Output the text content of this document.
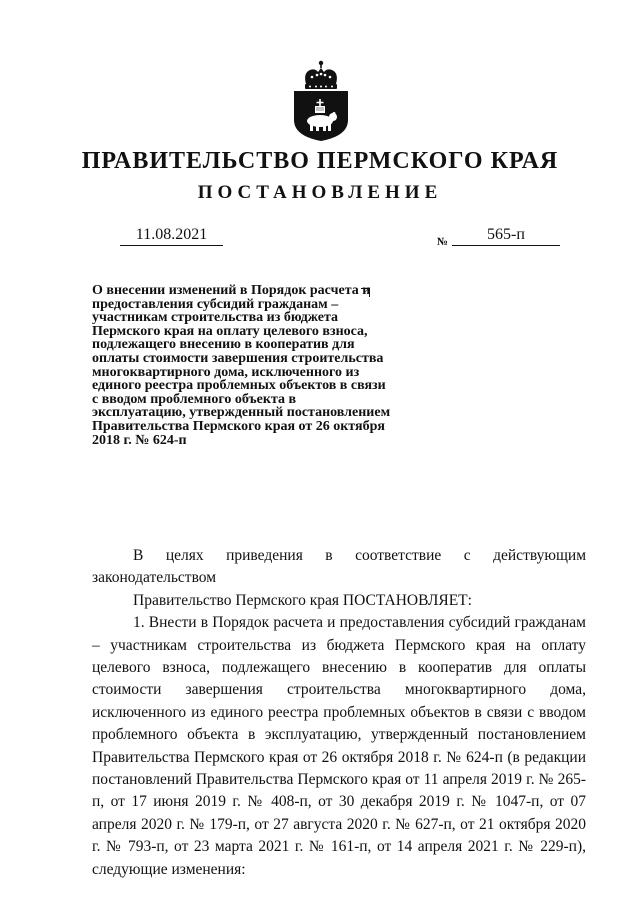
ПРАВИТЕЛЬСТВО ПЕРМСКОГО КРАЯ
ПОСТАНОВЛЕНИЕ
11.08.2021	№	565-п
О внесении изменений в Порядок расчета и предоставления субсидий гражданам – участникам строительства из бюджета Пермского края на оплату целевого взноса, подлежащего внесению в кооператив для оплаты стоимости завершения строительства многоквартирного дома, исключенного из единого реестра проблемных объектов в связи с вводом проблемного объекта в эксплуатацию, утвержденный постановлением Правительства Пермского края от 26 октября 2018 г. № 624-п

В целях приведения в соответствие с действующим законодательством

Правительство Пермского края ПОСТАНОВЛЯЕТ:

1. Внести в Порядок расчета и предоставления субсидий гражданам – участникам строительства из бюджета Пермского края на оплату целевого взноса, подлежащего внесению в кооператив для оплаты стоимости завершения строительства многоквартирного дома, исключенного из единого реестра проблемных объектов в связи с вводом проблемного объекта в эксплуатацию, утвержденный постановлением Правительства Пермского края от 26 октября 2018 г. № 624-п (в редакции постановлений Правительства Пермского края от 11 апреля 2019 г. № 265-п, от 17 июня 2019 г. № 408-п, от 30 декабря 2019 г. № 1047-п, от 07 апреля 2020 г. № 179-п, от 27 августа 2020 г. № 627-п, от 21 октября 2020 г. № 793-п, от 23 марта 2021 г. № 161-п, от 14 апреля 2021 г. № 229-п), следующие изменения:
